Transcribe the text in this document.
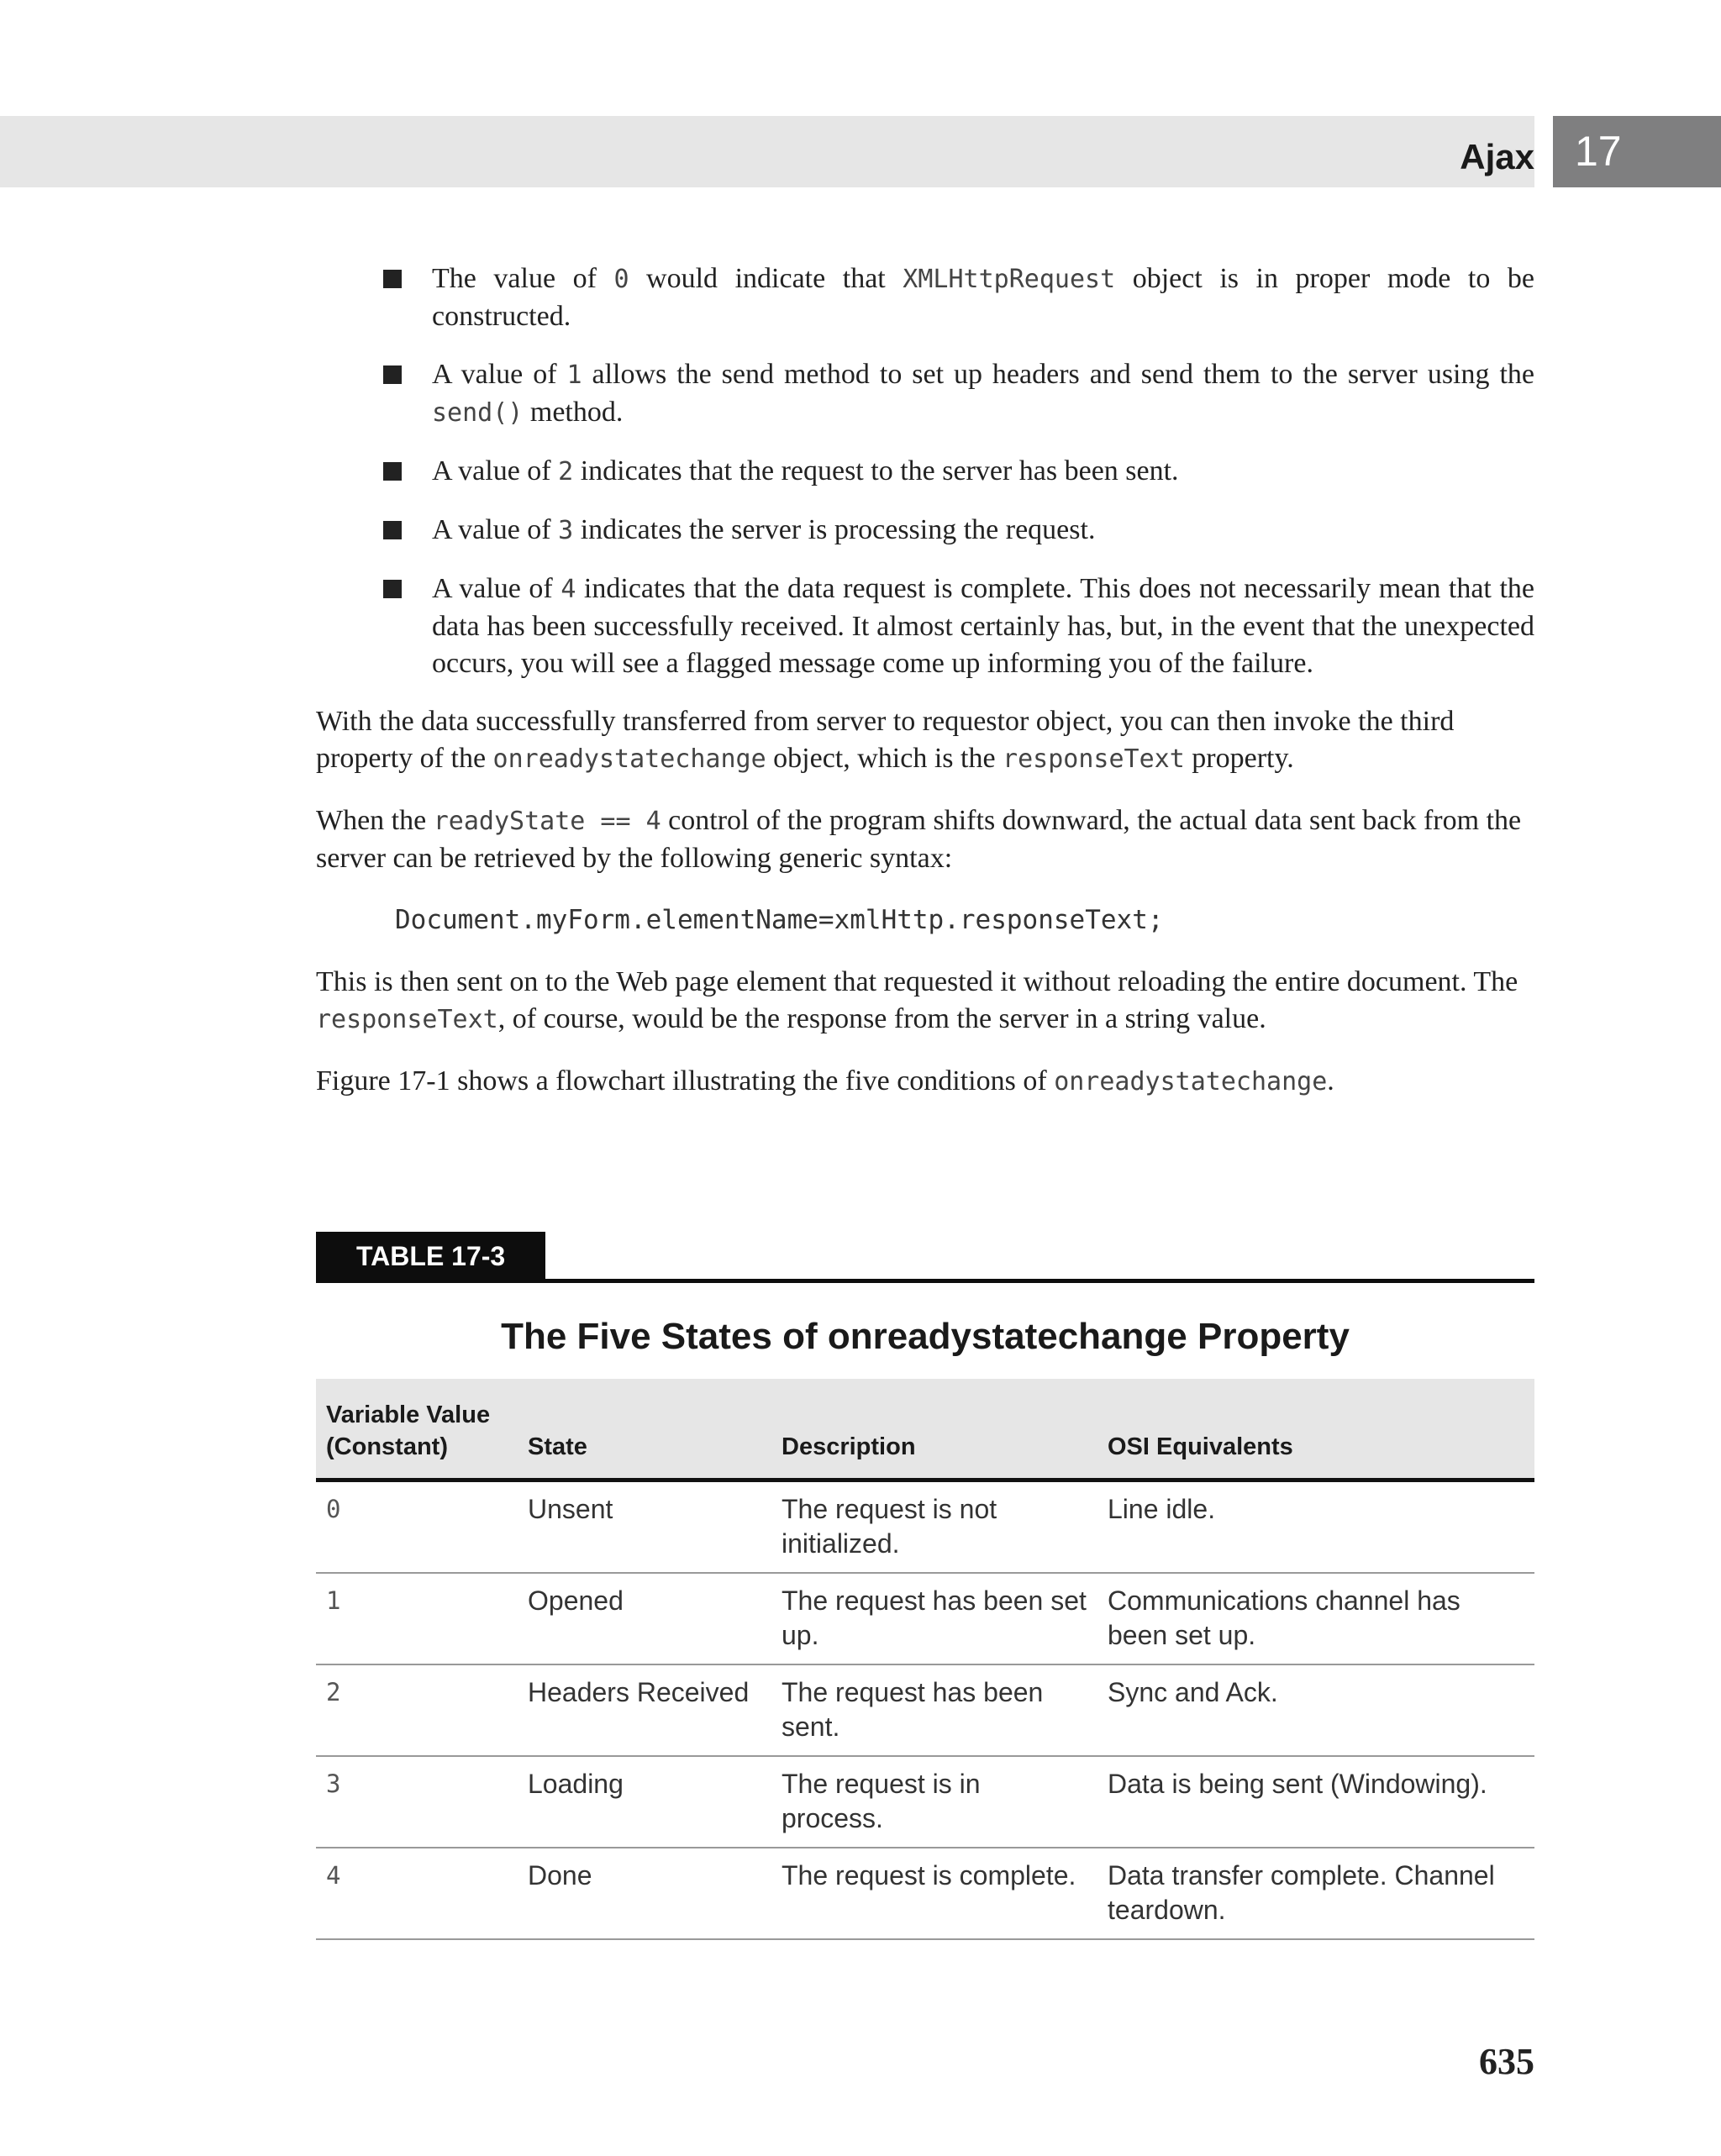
Ajax 17
The value of 0 would indicate that XMLHttpRequest object is in proper mode to be constructed.
A value of 1 allows the send method to set up headers and send them to the server using the send() method.
A value of 2 indicates that the request to the server has been sent.
A value of 3 indicates the server is processing the request.
A value of 4 indicates that the data request is complete. This does not necessarily mean that the data has been successfully received. It almost certainly has, but, in the event that the unexpected occurs, you will see a flagged message come up informing you of the failure.

With the data successfully transferred from server to requestor object, you can then invoke the third property of the onreadystatechange object, which is the responseText property.

When the readyState == 4 control of the program shifts downward, the actual data sent back from the server can be retrieved by the following generic syntax:

Document.myForm.elementName=xmlHttp.responseText;

This is then sent on to the Web page element that requested it without reloading the entire document. The responseText, of course, would be the response from the server in a string value.

Figure 17-1 shows a flowchart illustrating the five conditions of onreadystatechange.

TABLE 17-3
The Five States of onreadystatechange Property
Variable Value (Constant)	State	Description	OSI Equivalents
0	Unsent	The request is not initialized.	Line idle.
1	Opened	The request has been set up.	Communications channel has been set up.
2	Headers Received	The request has been sent.	Sync and Ack.
3	Loading	The request is in process.	Data is being sent (Windowing).
4	Done	The request is complete.	Data transfer complete. Channel teardown.
635
